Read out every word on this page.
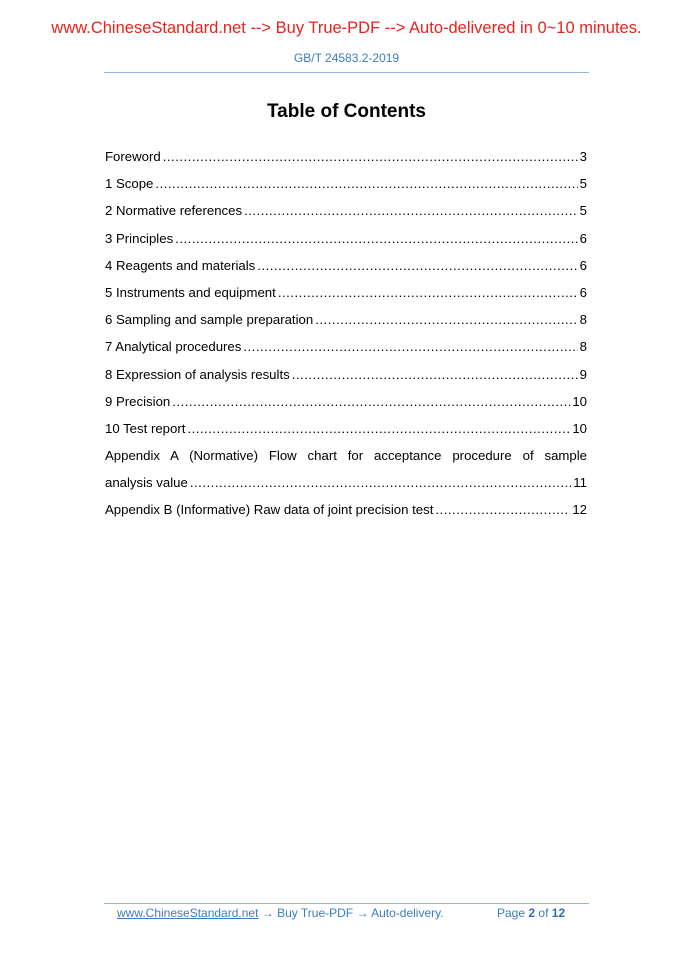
www.ChineseStandard.net --> Buy True-PDF --> Auto-delivered in 0~10 minutes.
GB/T 24583.2-2019
Table of Contents
Foreword .....	3
1 Scope .....	5
2 Normative references .....	5
3 Principles .....	6
4 Reagents and materials .....	6
5 Instruments and equipment .....	6
6 Sampling and sample preparation .....	8
7 Analytical procedures .....	8
8 Expression of analysis results .....	9
9 Precision .....	10
10 Test report .....	10
Appendix A (Normative) Flow chart for acceptance procedure of sample
analysis value .....	11
Appendix B (Informative) Raw data of joint precision test .....	12
www.ChineseStandard.net → Buy True-PDF → Auto-delivery.	Page 2 of 12
